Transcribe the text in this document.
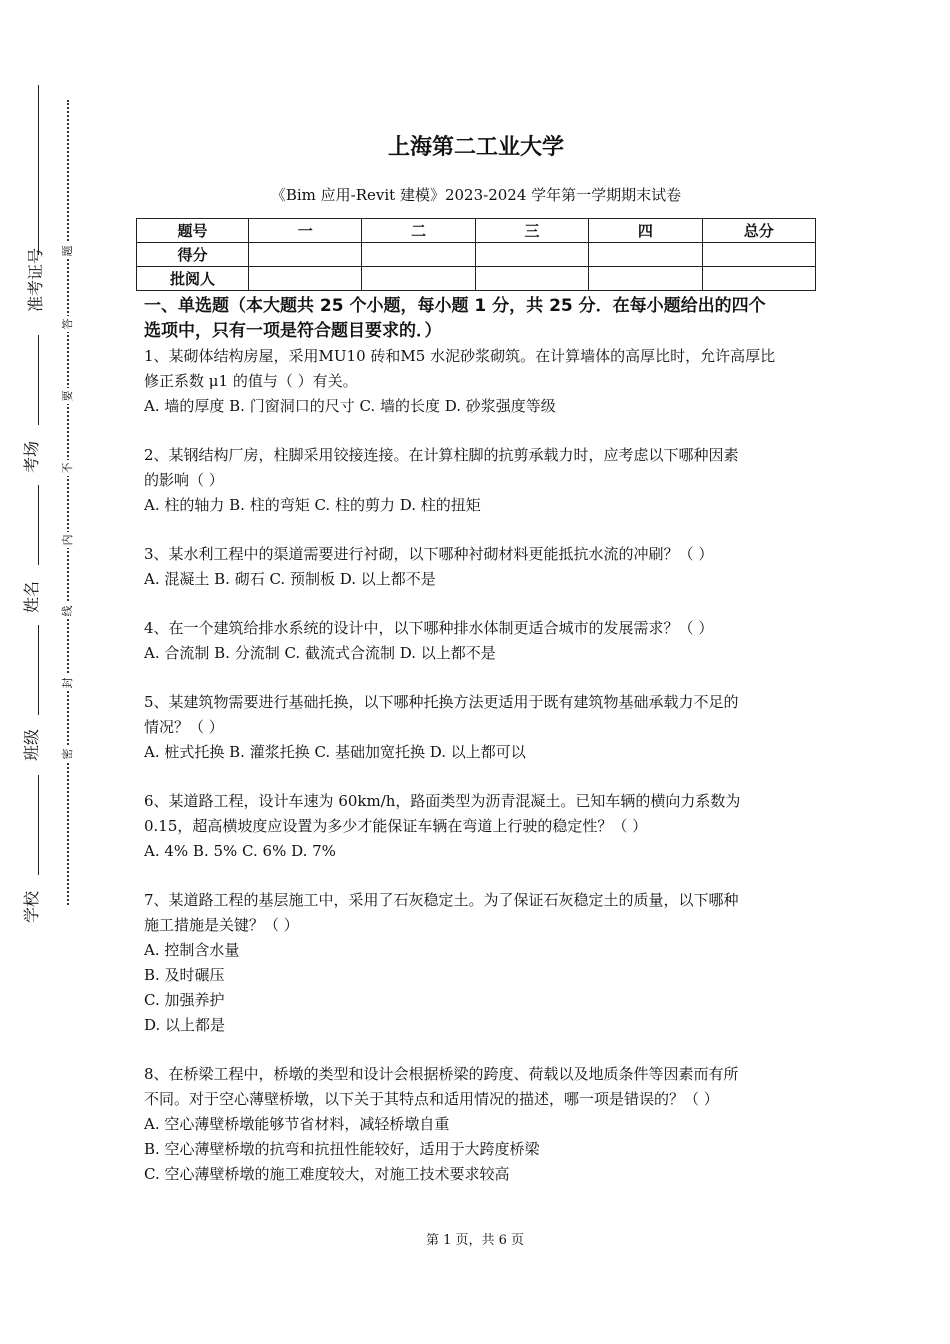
准考证号
考场
姓名
班级
学校
题
答
要
不
内
线
封
密
上海第二工业大学
《Bim 应用-Revit 建模》2023-2024 学年第一学期期末试卷
题号	一	二	三	四	总分
得分					
批阅人					
一、单选题（本大题共 25 个小题，每小题 1 分，共 25 分．在每小题给出的四个
选项中，只有一项是符合题目要求的．）
1、某砌体结构房屋，采用MU10 砖和M5 水泥砂浆砌筑。在计算墙体的高厚比时，允许高厚比
修正系数 μ1 的值与（ ）有关。
A. 墙的厚度 B. 门窗洞口的尺寸 C. 墙的长度 D. 砂浆强度等级
2、某钢结构厂房，柱脚采用铰接连接。在计算柱脚的抗剪承载力时，应考虑以下哪种因素
的影响（ ）
A. 柱的轴力 B. 柱的弯矩 C. 柱的剪力 D. 柱的扭矩
3、某水利工程中的渠道需要进行衬砌，以下哪种衬砌材料更能抵抗水流的冲刷？（ ）
A. 混凝土 B. 砌石 C. 预制板 D. 以上都不是
4、在一个建筑给排水系统的设计中，以下哪种排水体制更适合城市的发展需求？（ ）
A. 合流制 B. 分流制 C. 截流式合流制 D. 以上都不是
5、某建筑物需要进行基础托换，以下哪种托换方法更适用于既有建筑物基础承载力不足的
情况？（ ）
A. 桩式托换 B. 灌浆托换 C. 基础加宽托换 D. 以上都可以
6、某道路工程，设计车速为 60km/h，路面类型为沥青混凝土。已知车辆的横向力系数为
0.15，超高横坡度应设置为多少才能保证车辆在弯道上行驶的稳定性？（ ）
A. 4% B. 5% C. 6% D. 7%
7、某道路工程的基层施工中，采用了石灰稳定土。为了保证石灰稳定土的质量，以下哪种
施工措施是关键？（ ）
A. 控制含水量
B. 及时碾压
C. 加强养护
D. 以上都是
8、在桥梁工程中，桥墩的类型和设计会根据桥梁的跨度、荷载以及地质条件等因素而有所
不同。对于空心薄壁桥墩，以下关于其特点和适用情况的描述，哪一项是错误的？（ ）
A. 空心薄壁桥墩能够节省材料，减轻桥墩自重
B. 空心薄壁桥墩的抗弯和抗扭性能较好，适用于大跨度桥梁
C. 空心薄壁桥墩的施工难度较大，对施工技术要求较高
第 1 页，共 6 页
